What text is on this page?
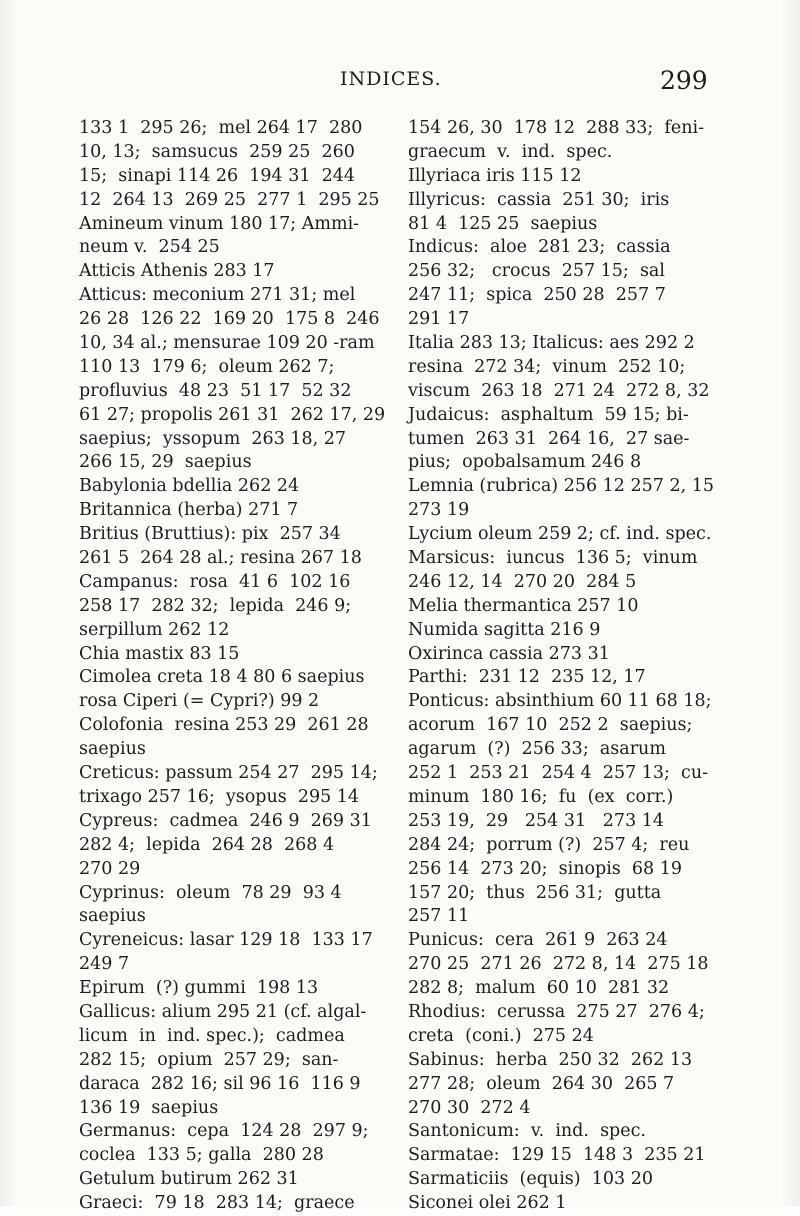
INDICES.	299
133 1  295 26;  mel 264 17  280
10, 13;  samsucus  259 25  260
15;  sinapi 114 26  194 31  244
12  264 13  269 25  277 1  295 25
Amineum vinum 180 17; Ammi-
neum v.  254 25
Atticis Athenis 283 17
Atticus: meconium 271 31; mel
26 28  126 22  169 20  175 8  246
10, 34 al.; mensurae 109 20 -ram
110 13  179 6;  oleum 262 7;
profluvius  48 23  51 17  52 32
61 27; propolis 261 31  262 17, 29
saepius;  yssopum  263 18, 27
266 15, 29  saepius
Babylonia bdellia 262 24
Britannica (herba) 271 7
Britius (Bruttius): pix  257 34
261 5  264 28 al.; resina 267 18
Campanus:  rosa  41 6  102 16
258 17  282 32;  lepida  246 9;
serpillum 262 12
Chia mastix 83 15
Cimolea creta 18 4 80 6 saepius
rosa Ciperi (= Cypri?) 99 2
Colofonia  resina 253 29  261 28
saepius
Creticus: passum 254 27  295 14;
trixago 257 16;  ysopus  295 14
Cypreus:  cadmea  246 9  269 31
282 4;  lepida  264 28  268 4
270 29
Cyprinus:  oleum  78 29  93 4
saepius
Cyreneicus: lasar 129 18  133 17
249 7
Epirum  (?) gummi  198 13
Gallicus: alium 295 21 (cf. algal-
licum  in  ind. spec.);  cadmea
282 15;  opium  257 29;  san-
daraca  282 16; sil 96 16  116 9
136 19  saepius
Germanus:  cepa  124 28  297 9;
coclea  133 5; galla  280 28
Getulum butirum 262 31
Graeci:  79 18  283 14;  graece
154 26, 30  178 12  288 33;  feni-
graecum  v.  ind.  spec.
Illyriaca iris 115 12
Illyricus:  cassia  251 30;  iris
81 4  125 25  saepius
Indicus:  aloe  281 23;  cassia
256 32;   crocus  257 15;  sal
247 11;  spica  250 28  257 7
291 17
Italia 283 13; Italicus: aes 292 2
resina  272 34;  vinum  252 10;
viscum  263 18  271 24  272 8, 32
Judaicus:  asphaltum  59 15; bi-
tumen  263 31  264 16,  27 sae-
pius;  opobalsamum 246 8
Lemnia (rubrica) 256 12 257 2, 15
273 19
Lycium oleum 259 2; cf. ind. spec.
Marsicus:  iuncus  136 5;  vinum
246 12, 14  270 20  284 5
Melia thermantica 257 10
Numida sagitta 216 9
Oxirinca cassia 273 31
Parthi:  231 12  235 12, 17
Ponticus: absinthium 60 11 68 18;
acorum  167 10  252 2  saepius;
agarum  (?)  256 33;  asarum
252 1  253 21  254 4  257 13;  cu-
minum  180 16;  fu  (ex  corr.)
253 19,  29   254 31   273 14
284 24;  porrum (?)  257 4;  reu
256 14  273 20;  sinopis  68 19
157 20;  thus  256 31;  gutta
257 11
Punicus:  cera  261 9  263 24
270 25  271 26  272 8, 14  275 18
282 8;  malum  60 10  281 32
Rhodius:  cerussa  275 27  276 4;
creta  (coni.)  275 24
Sabinus:  herba  250 32  262 13
277 28;  oleum  264 30  265 7
270 30  272 4
Santonicum:  v.  ind.  spec.
Sarmatae:  129 15  148 3  235 21
Sarmaticiis  (equis)  103 20
Siconei olei 262 1
